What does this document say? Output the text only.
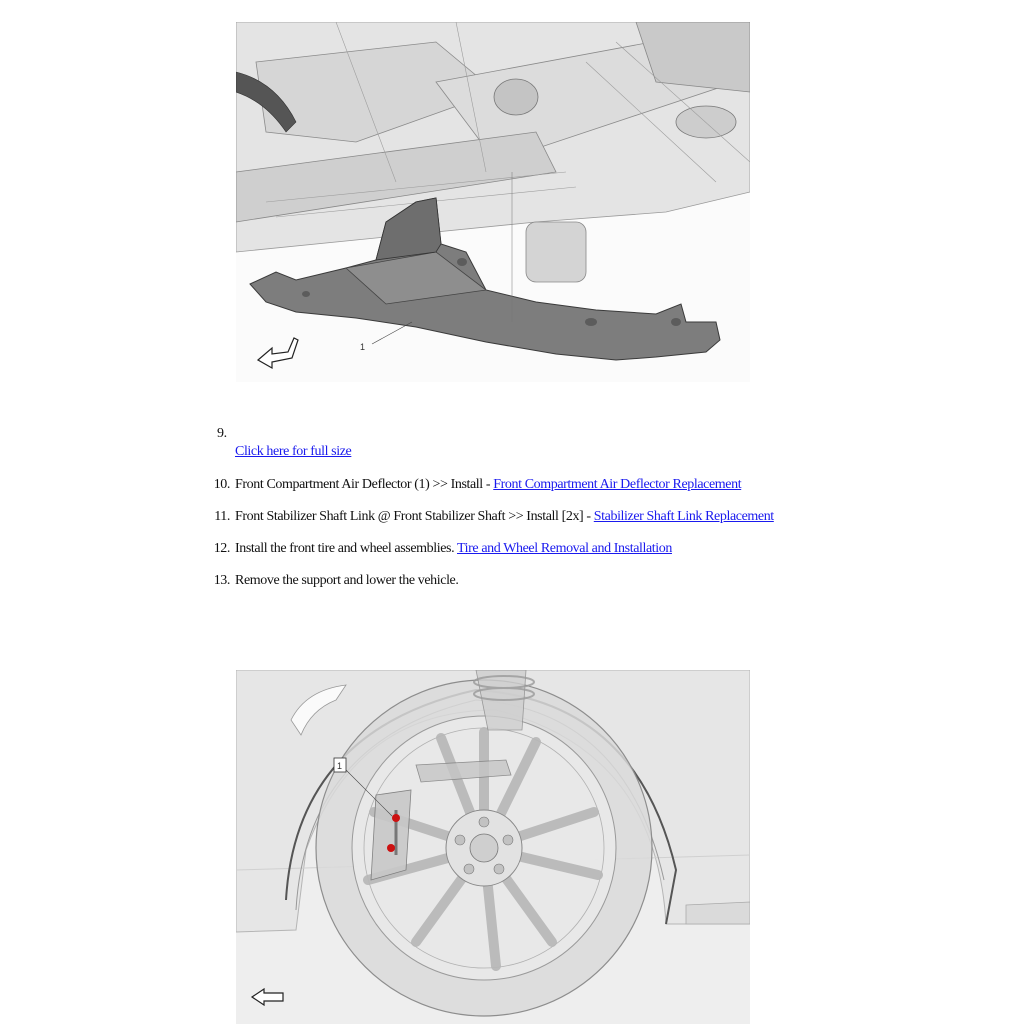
1
9.
Click here for full size
10. Front Compartment Air Deflector (1) >> Install - Front Compartment Air Deflector Replacement
11. Front Stabilizer Shaft Link @ Front Stabilizer Shaft >> Install [2x] - Stabilizer Shaft Link Replacement
12. Install the front tire and wheel assemblies. Tire and Wheel Removal and Installation
13. Remove the support and lower the vehicle.
1
